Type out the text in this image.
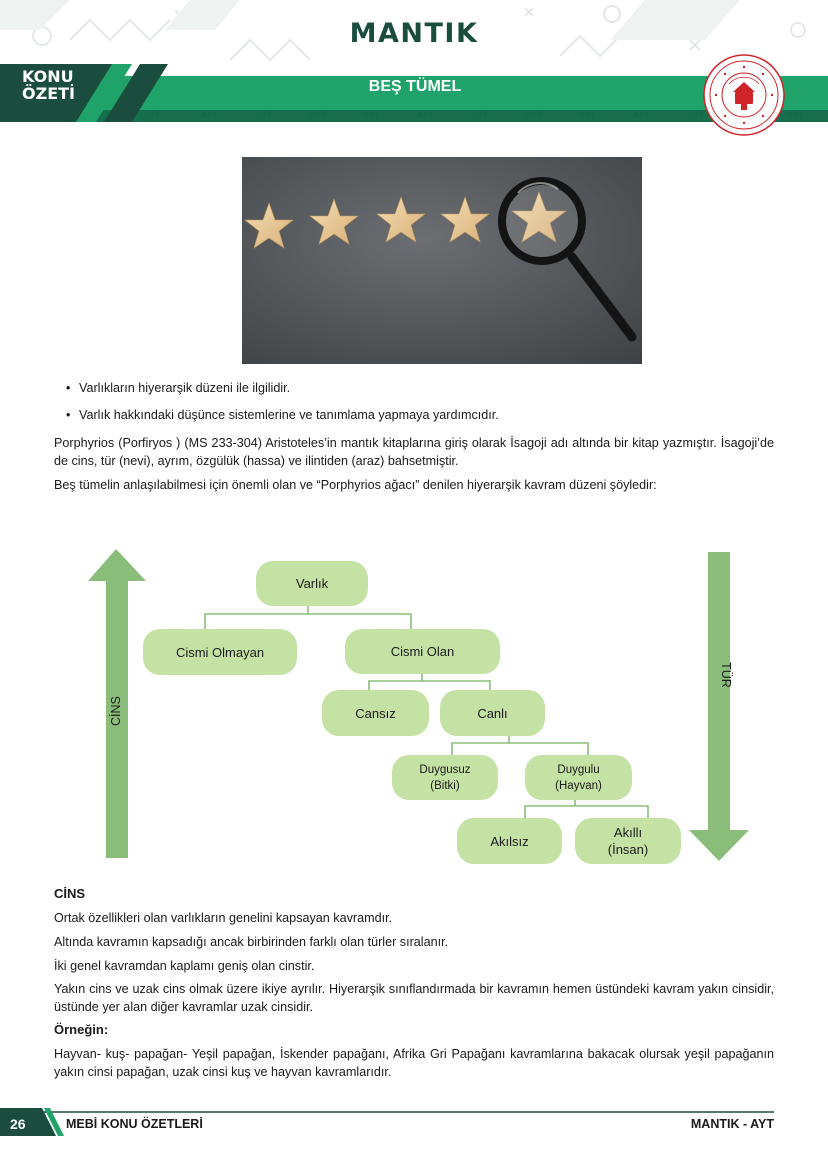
MANTIK
KONU
ÖZETİ	BEŞ TÜMEL
AYT	AYT	AYT	AYT	AYT	AYT	AYT	AYT	AYT	AYT	AYT	AYT
• Varlıkların hiyerarşik düzeni ile ilgilidir.
• Varlık hakkındaki düşünce sistemlerine ve tanımlama yapmaya yardımcıdır.

Porphyrios (Porfiryos ) (MS 233-304) Aristoteles’in mantık kitaplarına giriş olarak İsagoji adı altında bir kitap yazmıştır. İsagoji’de de cins, tür (nevi), ayrım, özgülük (hassa) ve ilintiden (araz) bahsetmiştir.

Beş tümelin anlaşılabilmesi için önemli olan ve “Porphyrios ağacı” denilen hiyerarşik kavram düzeni şöyledir:

Varlık
Cismi Olmayan	Cismi Olan
Cansız	Canlı
Duygusuz
(Bitki)
Duygulu
(Hayvan)
Akılsız
Akıllı
(İnsan)
TÜR
CİNS

Ortak özellikleri olan varlıkların genelini kapsayan kavramdır.

Altında kavramın kapsadığı ancak birbirinden farklı olan türler sıralanır.

İki genel kavramdan kaplamı geniş olan cinstir.

Yakın cins ve uzak cins olmak üzere ikiye ayrılır. Hiyerarşik sınıflandırmada bir kavramın hemen üstündeki kavram yakın cinsidir, üstünde yer alan diğer kavramlar uzak cinsidir.

Örneğin:

Hayvan- kuş- papağan- Yeşil papağan, İskender papağanı, Afrika Gri Papağanı kavramlarına bakacak olursak yeşil papağanın yakın cinsi papağan, uzak cinsi kuş ve hayvan kavramlarıdır.

26	MEBİ KONU ÖZETLERİ	MANTIK - AYT
